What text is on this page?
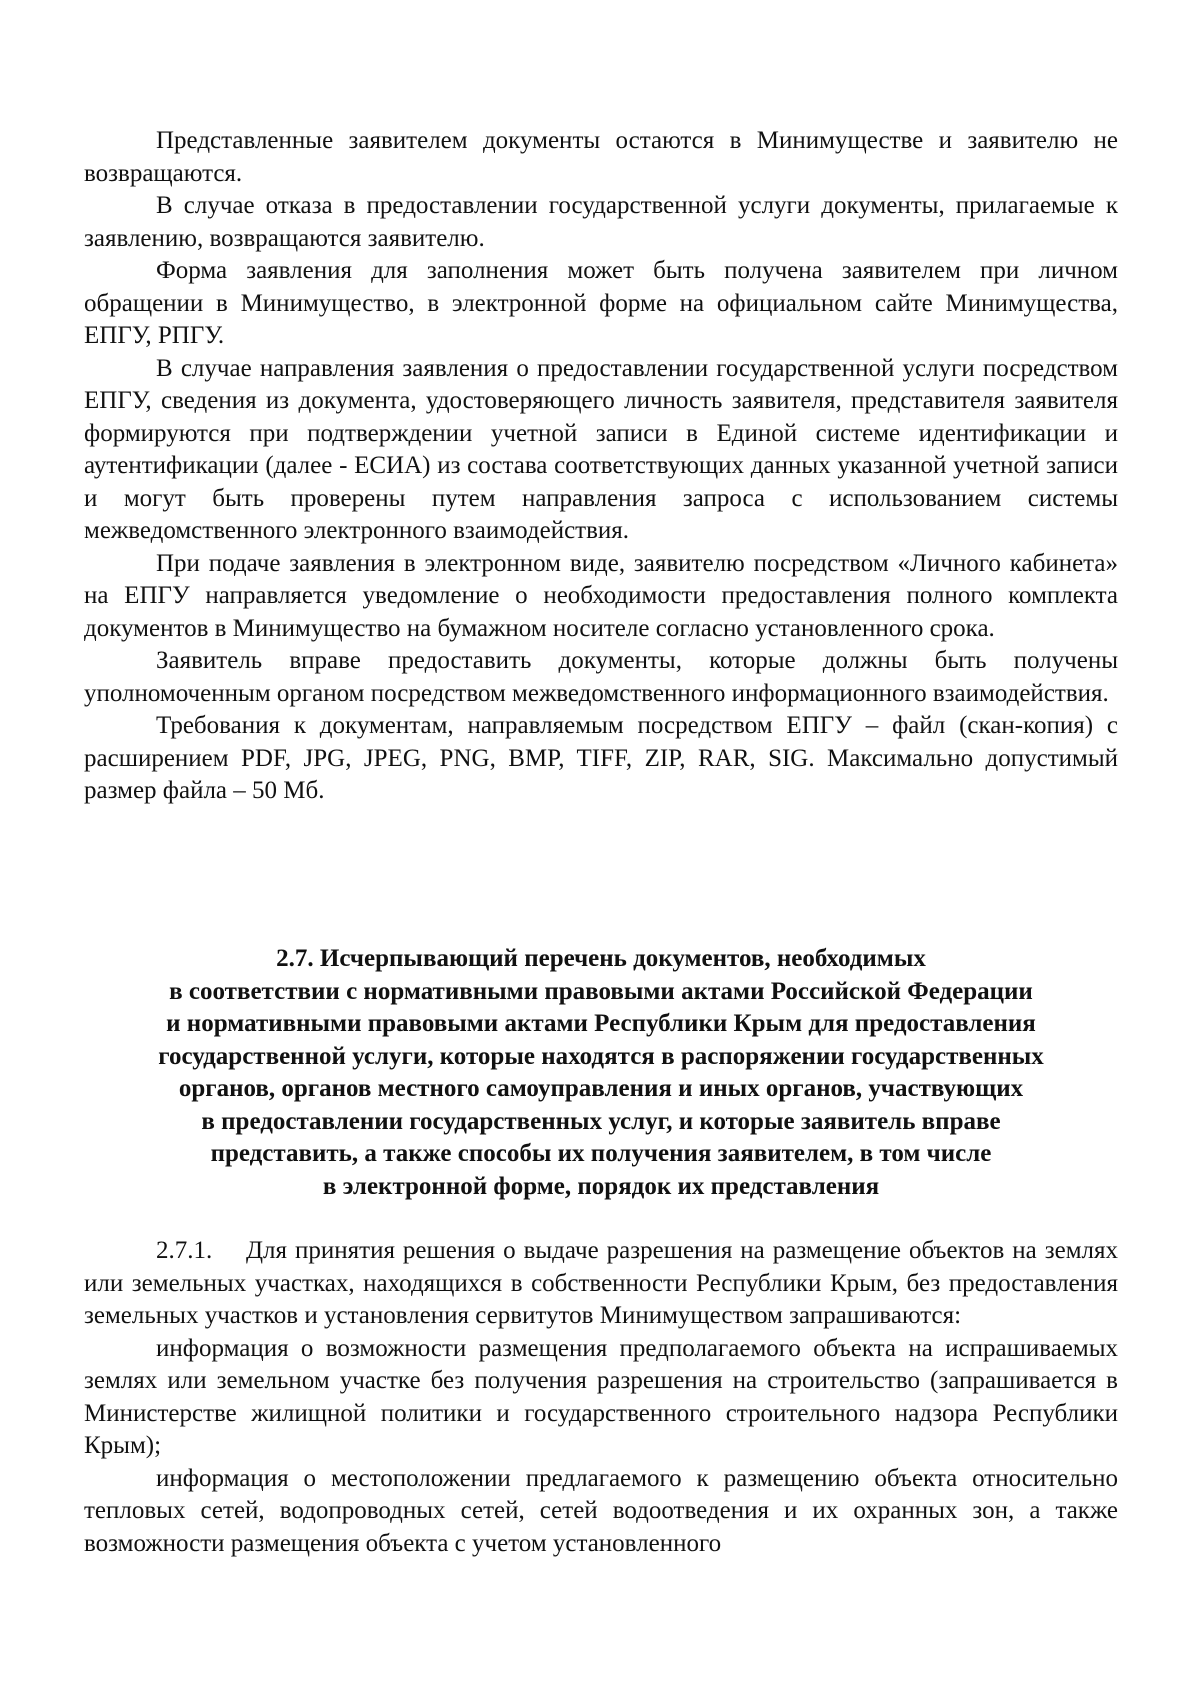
Представленные заявителем документы остаются в Минимуществе и заявителю не возвращаются.

В случае отказа в предоставлении государственной услуги документы, прилагаемые к заявлению, возвращаются заявителю.

Форма заявления для заполнения может быть получена заявителем при личном обращении в Минимущество, в электронной форме на официальном сайте Минимущества, ЕПГУ, РПГУ.

В случае направления заявления о предоставлении государственной услуги посредством ЕПГУ, сведения из документа, удостоверяющего личность заявителя, представителя заявителя формируются при подтверждении учетной записи в Единой системе идентификации и аутентификации (далее - ЕСИА) из состава соответствующих данных указанной учетной записи и могут быть проверены путем направления запроса с использованием системы межведомственного электронного взаимодействия.

При подаче заявления в электронном виде, заявителю посредством «Личного кабинета» на ЕПГУ направляется уведомление о необходимости предоставления полного комплекта документов в Минимущество на бумажном носителе согласно установленного срока.

Заявитель вправе предоставить документы, которые должны быть получены уполномоченным органом посредством межведомственного информационного взаимодействия.

Требования к документам, направляемым посредством ЕПГУ – файл (скан-копия) с расширением PDF, JPG, JPEG, PNG, BMP, TIFF, ZIP, RAR, SIG. Максимально допустимый размер файла – 50 Мб.

2.7. Исчерпывающий перечень документов, необходимых
в соответствии с нормативными правовыми актами Российской Федерации
и нормативными правовыми актами Республики Крым для предоставления
государственной услуги, которые находятся в распоряжении государственных
органов, органов местного самоуправления и иных органов, участвующих
в предоставлении государственных услуг, и которые заявитель вправе
представить, а также способы их получения заявителем, в том числе
в электронной форме, порядок их представления

2.7.1. Для принятия решения о выдаче разрешения на размещение объектов на землях или земельных участках, находящихся в собственности Республики Крым, без предоставления земельных участков и установления сервитутов Минимуществом запрашиваются:

информация о возможности размещения предполагаемого объекта на испрашиваемых землях или земельном участке без получения разрешения на строительство (запрашивается в Министерстве жилищной политики и государственного строительного надзора Республики Крым);

информация о местоположении предлагаемого к размещению объекта относительно тепловых сетей, водопроводных сетей, сетей водоотведения и их охранных зон, а также возможности размещения объекта с учетом установленного
